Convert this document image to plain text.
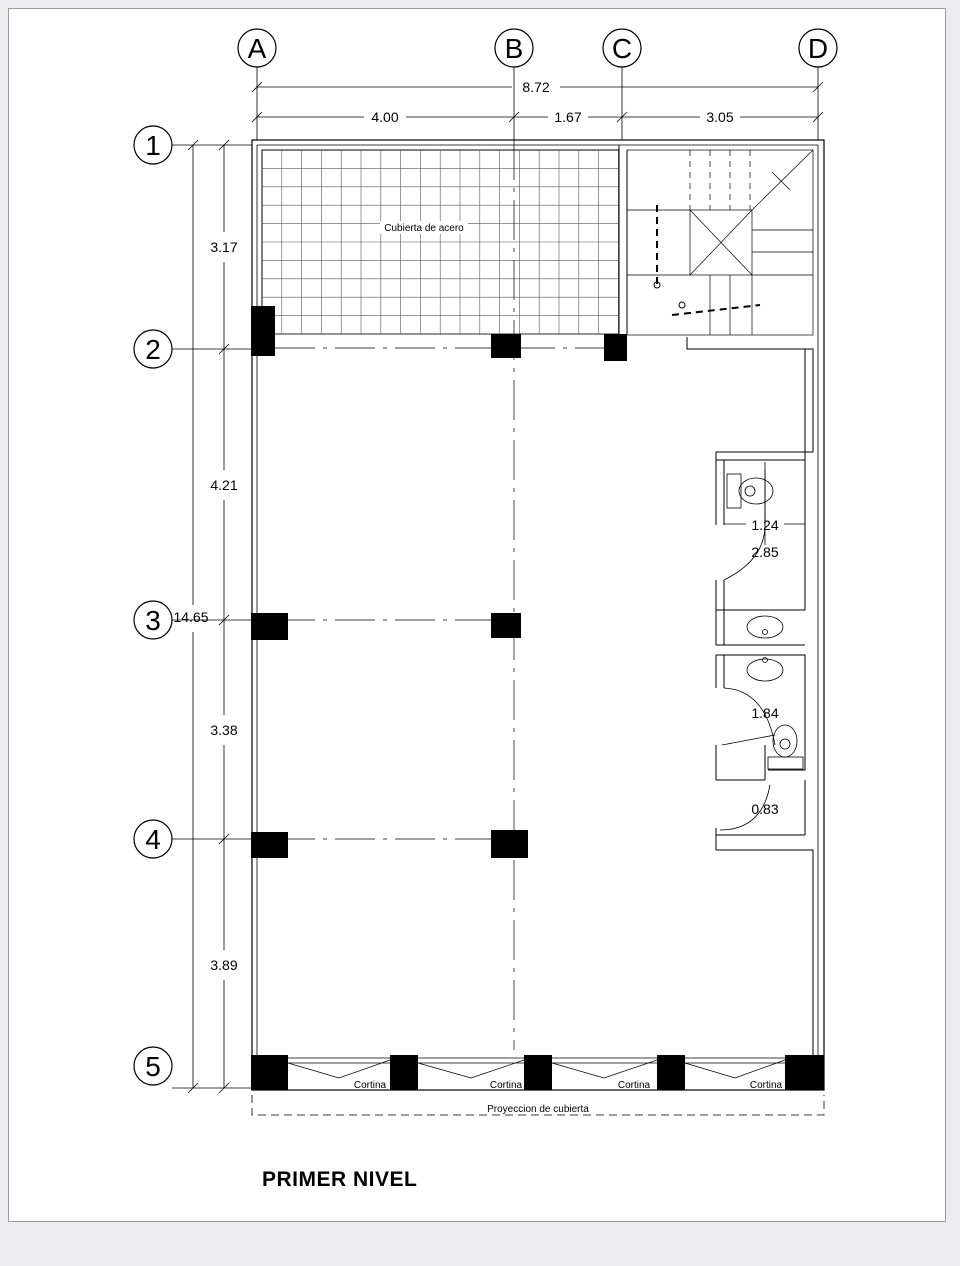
A	B	C	D
8.72
4.00	1.67	3.05
1
2
3
4
5
3.17
4.21
3.38
3.89
14.65
Cubierta de acero
1.24
2.85
1.84
0.83
Cortina	Cortina	Cortina	Cortina
Proyeccion de cubierta
PRIMER NIVEL
